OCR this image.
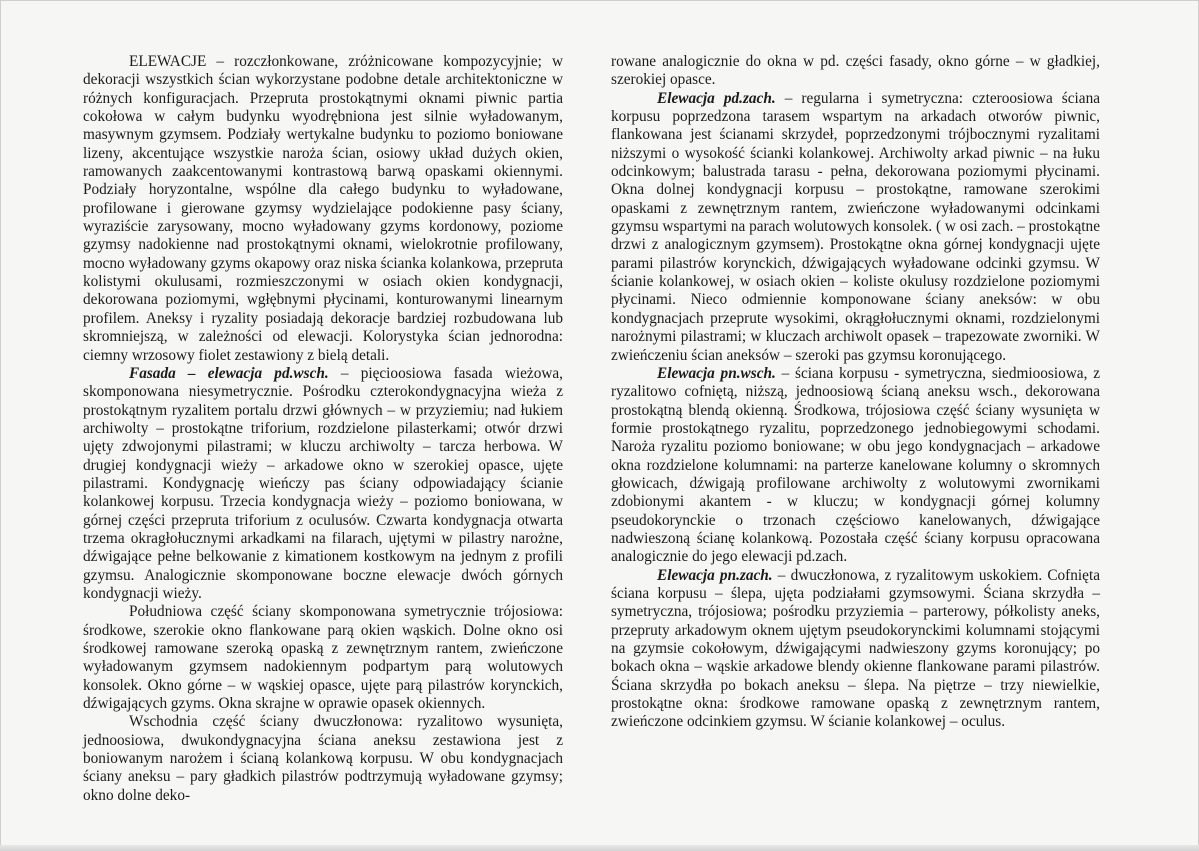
ELEWACJE – rozczłonkowane, zróżnicowane kompozycyjnie; w dekoracji wszystkich ścian wykorzystane podobne detale architektoniczne w różnych konfiguracjach. Przepruta prostokątnymi oknami piwnic partia cokołowa w całym budynku wyodrębniona jest silnie wyładowanym, masywnym gzymsem. Podziały wertykalne budynku to poziomo boniowane lizeny, akcentujące wszystkie naroża ścian, osiowy układ dużych okien, ramowanych zaakcentowanymi kontrastową barwą opaskami okiennymi. Podziały horyzontalne, wspólne dla całego budynku to wyładowane, profilowane i gierowane gzymsy wydzielające podokienne pasy ściany, wyraziście zarysowany, mocno wyładowany gzyms kordonowy, poziome gzymsy nadokienne nad prostokątnymi oknami, wielokrotnie profilowany, mocno wyładowany gzyms okapowy oraz niska ścianka kolankowa, przepruta kolistymi okulusami, rozmieszczonymi w osiach okien kondygnacji, dekorowana poziomymi, wgłębnymi płycinami, konturowanymi linearnym profilem. Aneksy i ryzality posiadają dekoracje bardziej rozbudowana lub skromniejszą, w zależności od elewacji. Kolorystyka ścian jednorodna: ciemny wrzosowy fiolet zestawiony z bielą detali.

Fasada – elewacja pd.wsch. – pięcioosiowa fasada wieżowa, skomponowana niesymetrycznie. Pośrodku czterokondygnacyjna wieża z prostokątnym ryzalitem portalu drzwi głównych – w przyziemiu; nad łukiem archiwolty – prostokątne triforium, rozdzielone pilasterkami; otwór drzwi ujęty zdwojonymi pilastrami; w kluczu archiwolty – tarcza herbowa. W drugiej kondygnacji wieży – arkadowe okno w szerokiej opasce, ujęte pilastrami. Kondygnację wieńczy pas ściany odpowiadający ścianie kolankowej korpusu. Trzecia kondygnacja wieży – poziomo boniowana, w górnej części przepruta triforium z oculusów. Czwarta kondygnacja otwarta trzema okragłołucznymi arkadkami na filarach, ujętymi w pilastry narożne, dźwigające pełne belkowanie z kimationem kostkowym na jednym z profili gzymsu. Analogicznie skomponowane boczne elewacje dwóch górnych kondygnacji wieży.

Południowa część ściany skomponowana symetrycznie trójosiowa: środkowe, szerokie okno flankowane parą okien wąskich. Dolne okno osi środkowej ramowane szeroką opaską z zewnętrznym rantem, zwieńczone wyładowanym gzymsem nadokiennym podpartym parą wolutowych konsolek. Okno górne – w wąskiej opasce, ujęte parą pilastrów korynckich, dźwigających gzyms. Okna skrajne w oprawie opasek okiennych.

Wschodnia część ściany dwuczłonowa: ryzalitowo wysunięta, jednoosiowa, dwukondygnacyjna ściana aneksu zestawiona jest z boniowanym narożem i ścianą kolankową korpusu. W obu kondygnacjach ściany aneksu – pary gładkich pilastrów podtrzymują wyładowane gzymsy; okno dolne deko-

rowane analogicznie do okna w pd. części fasady, okno górne – w gładkiej, szerokiej opasce.

Elewacja pd.zach. – regularna i symetryczna: czteroosiowa ściana korpusu poprzedzona tarasem wspartym na arkadach otworów piwnic, flankowana jest ścianami skrzydeł, poprzedzonymi trójbocznymi ryzalitami niższymi o wysokość ścianki kolankowej. Archiwolty arkad piwnic – na łuku odcinkowym; balustrada tarasu - pełna, dekorowana poziomymi płycinami. Okna dolnej kondygnacji korpusu – prostokątne, ramowane szerokimi opaskami z zewnętrznym rantem, zwieńczone wyładowanymi odcinkami gzymsu wspartymi na parach wolutowych konsolek. ( w osi zach. – prostokątne drzwi z analogicznym gzymsem). Prostokątne okna górnej kondygnacji ujęte parami pilastrów korynckich, dźwigających wyładowane odcinki gzymsu. W ścianie kolankowej, w osiach okien – koliste okulusy rozdzielone poziomymi płycinami. Nieco odmiennie komponowane ściany aneksów: w obu kondygnacjach przeprute wysokimi, okrągłołucznymi oknami, rozdzielonymi narożnymi pilastrami; w kluczach archiwolt opasek – trapezowate zworniki. W zwieńczeniu ścian aneksów – szeroki pas gzymsu koronującego.

Elewacja pn.wsch. – ściana korpusu - symetryczna, siedmioosiowa, z ryzalitowo cofniętą, niższą, jednoosiową ścianą aneksu wsch., dekorowana prostokątną blendą okienną. Środkowa, trójosiowa część ściany wysunięta w formie prostokątnego ryzalitu, poprzedzonego jednobiegowymi schodami. Naroża ryzalitu poziomo boniowane; w obu jego kondygnacjach – arkadowe okna rozdzielone kolumnami: na parterze kanelowane kolumny o skromnych głowicach, dźwigają profilowane archiwolty z wolutowymi zwornikami zdobionymi akantem - w kluczu; w kondygnacji górnej kolumny pseudokorynckie o trzonach częściowo kanelowanych, dźwigające nadwieszoną ścianę kolankową. Pozostała część ściany korpusu opracowana analogicznie do jego elewacji pd.zach.

Elewacja pn.zach. – dwuczłonowa, z ryzalitowym uskokiem. Cofnięta ściana korpusu – ślepa, ujęta podziałami gzymsowymi. Ściana skrzydła – symetryczna, trójosiowa; pośrodku przyziemia – parterowy, półkolisty aneks, przepruty arkadowym oknem ujętym pseudokorynckimi kolumnami stojącymi na gzymsie cokołowym, dźwigającymi nadwieszony gzyms koronujący; po bokach okna – wąskie arkadowe blendy okienne flankowane parami pilastrów. Ściana skrzydła po bokach aneksu – ślepa. Na piętrze – trzy niewielkie, prostokątne okna: środkowe ramowane opaską z zewnętrznym rantem, zwieńczone odcinkiem gzymsu. W ścianie kolankowej – oculus.
